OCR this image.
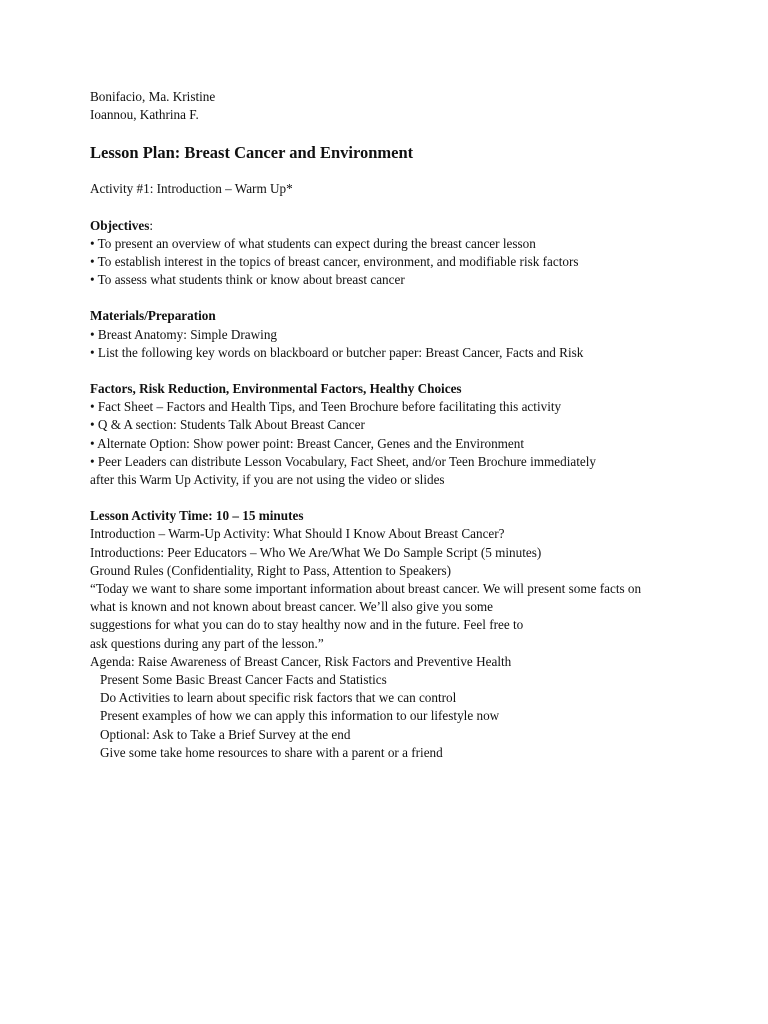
Bonifacio, Ma. Kristine
Ioannou, Kathrina F.
Lesson Plan: Breast Cancer and Environment
Activity #1: Introduction – Warm Up*
Objectives:
• To present an overview of what students can expect during the breast cancer lesson
• To establish interest in the topics of breast cancer, environment, and modifiable risk factors
• To assess what students think or know about breast cancer
Materials/Preparation
• Breast Anatomy: Simple Drawing
• List the following key words on blackboard or butcher paper: Breast Cancer, Facts and Risk
Factors, Risk Reduction, Environmental Factors, Healthy Choices
• Fact Sheet – Factors and Health Tips, and Teen Brochure before facilitating this activity
• Q & A section: Students Talk About Breast Cancer
• Alternate Option: Show power point: Breast Cancer, Genes and the Environment
• Peer Leaders can distribute Lesson Vocabulary, Fact Sheet, and/or Teen Brochure immediately
after this Warm Up Activity, if you are not using the video or slides
Lesson Activity Time: 10 – 15 minutes
Introduction – Warm-Up Activity: What Should I Know About Breast Cancer?
Introductions: Peer Educators – Who We Are/What We Do Sample Script (5 minutes)
Ground Rules (Confidentiality, Right to Pass, Attention to Speakers)
“Today we want to share some important information about breast cancer. We will present some facts on
what is known and not known about breast cancer. We’ll also give you some
suggestions for what you can do to stay healthy now and in the future. Feel free to
ask questions during any part of the lesson.”
Agenda: Raise Awareness of Breast Cancer, Risk Factors and Preventive Health
Present Some Basic Breast Cancer Facts and Statistics
Do Activities to learn about specific risk factors that we can control
Present examples of how we can apply this information to our lifestyle now
Optional: Ask to Take a Brief Survey at the end
Give some take home resources to share with a parent or a friend
